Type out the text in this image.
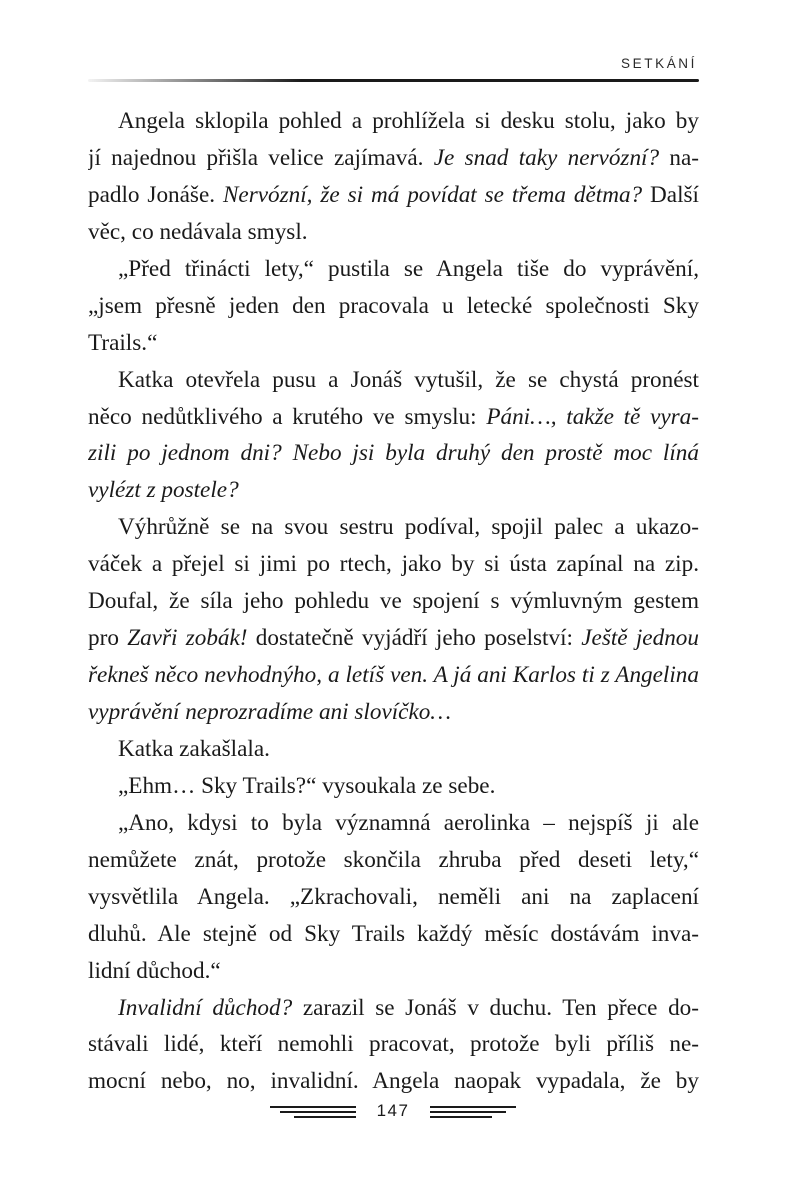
SETKÁNÍ
Angela sklopila pohled a prohlížela si desku stolu, jako by
jí najednou přišla velice zajímavá. Je snad taky nervózní? na-
padlo Jonáše. Nervózní, že si má povídat se třema dětma? Další
věc, co nedávala smysl.
„Před třinácti lety,“ pustila se Angela tiše do vyprávění,
„jsem přesně jeden den pracovala u letecké společnosti Sky
Trails.“
Katka otevřela pusu a Jonáš vytušil, že se chystá pronést
něco nedůtklivého a krutého ve smyslu: Páni…, takže tě vyra-
zili po jednom dni? Nebo jsi byla druhý den prostě moc líná
vylézt z postele?
Výhrůžně se na svou sestru podíval, spojil palec a ukazo-
váček a přejel si jimi po rtech, jako by si ústa zapínal na zip.
Doufal, že síla jeho pohledu ve spojení s výmluvným gestem
pro Zavři zobák! dostatečně vyjádří jeho poselství: Ještě jednou
řekneš něco nevhodnýho, a letíš ven. A já ani Karlos ti z Angelina
vyprávění neprozradíme ani slovíčko…
Katka zakašlala.
„Ehm… Sky Trails?“ vysoukala ze sebe.
„Ano, kdysi to byla významná aerolinka – nejspíš ji ale
nemůžete znát, protože skončila zhruba před deseti lety,“
vysvětlila Angela. „Zkrachovali, neměli ani na zaplacení
dluhů. Ale stejně od Sky Trails každý měsíc dostávám inva-
lidní důchod.“
Invalidní důchod? zarazil se Jonáš v duchu. Ten přece do-
stávali lidé, kteří nemohli pracovat, protože byli příliš ne-
mocní nebo, no, invalidní. Angela naopak vypadala, že by
147
